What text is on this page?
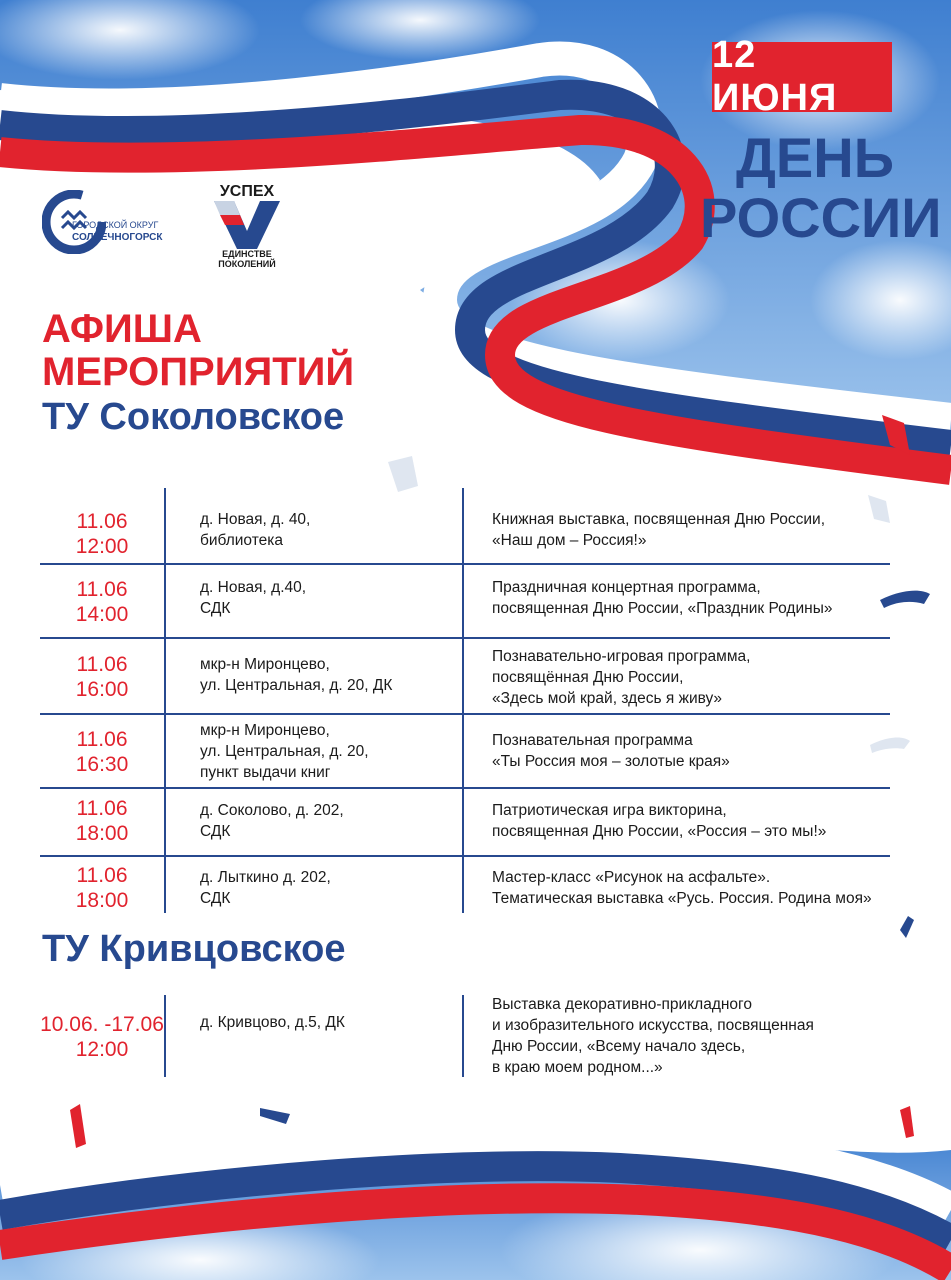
12 ИЮНЯ
ДЕНЬ
РОССИИ
ГОРОДСКОЙ ОКРУГ
СОЛНЕЧНОГОРСК
УСПЕХ
ЕДИНСТВЕ
ПОКОЛЕНИЙ
АФИША
МЕРОПРИЯТИЙ
ТУ Соколовское
11.06
12:00
д. Новая, д. 40,
библиотека
Книжная выставка, посвященная Дню России,
«Наш дом – Россия!»
11.06
14:00
д. Новая, д.40,
СДК
Праздничная концертная программа,
посвященная Дню России, «Праздник Родины»
11.06
16:00
мкр-н Миронцево,
ул. Центральная, д. 20, ДК
Познавательно-игровая программа,
посвящённая Дню России,
«Здесь мой край, здесь я живу»
11.06
16:30
мкр-н Миронцево,
ул. Центральная, д. 20,
пункт выдачи книг
Познавательная программа
«Ты Россия моя – золотые края»
11.06
18:00
д. Соколово, д. 202,
СДК
Патриотическая игра викторина,
посвященная Дню России, «Россия – это мы!»
11.06
18:00
д. Лыткино д. 202,
СДК
Мастер-класс «Рисунок на асфальте».
Тематическая выставка «Русь. Россия. Родина моя»
ТУ Кривцовское
10.06. -17.06
12:00
д. Кривцово, д.5, ДК
Выставка декоративно-прикладного
и изобразительного искусства, посвященная
Дню России, «Всему начало здесь,
в краю моем родном...»
